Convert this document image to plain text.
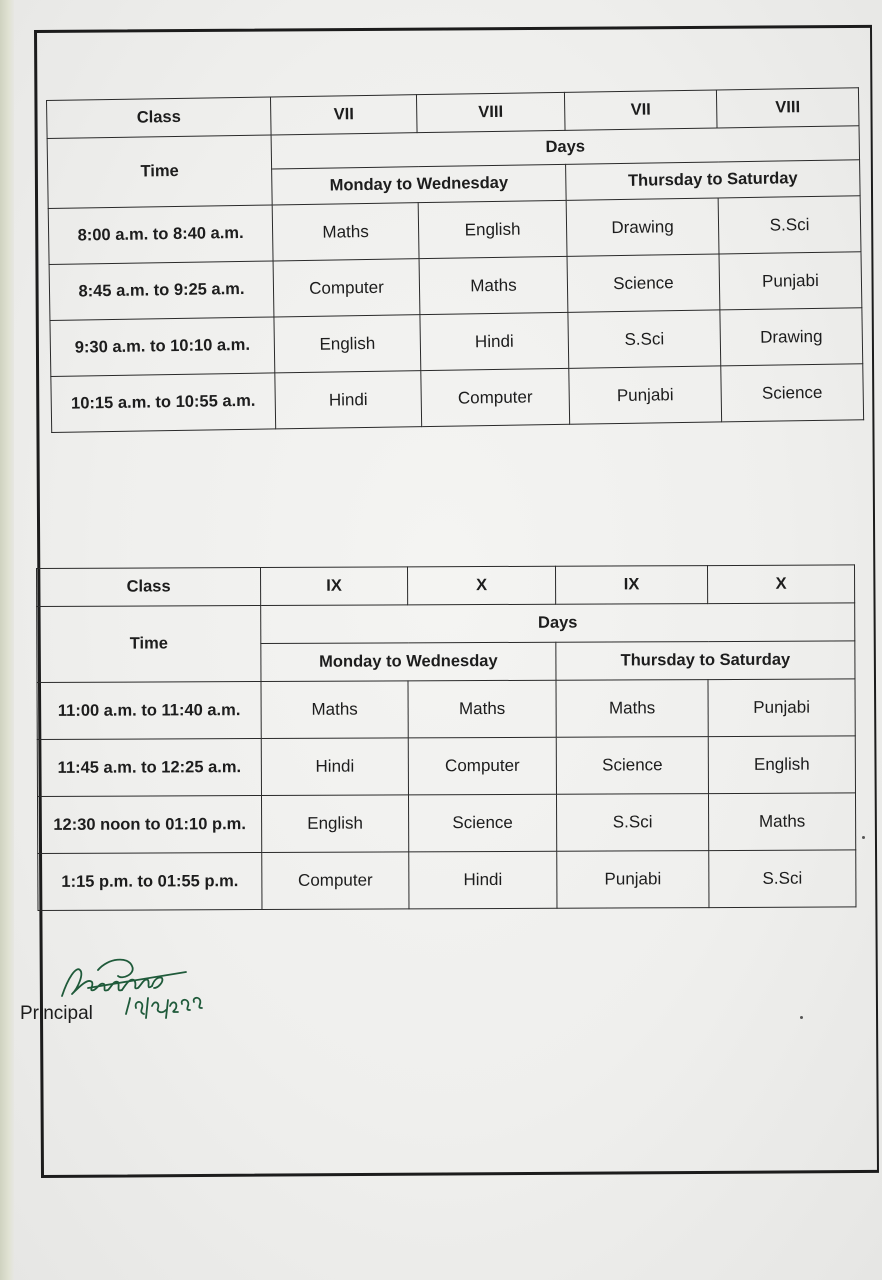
Class	VII	VIII	VII	VIII
Time	Days			
	Monday to Wednesday		Thursday to Saturday	
8:00 a.m. to 8:40 a.m.	Maths	English	Drawing	S.Sci
8:45 a.m. to 9:25 a.m.	Computer	Maths	Science	Punjabi
9:30 a.m. to 10:10 a.m.	English	Hindi	S.Sci	Drawing
10:15 a.m. to 10:55 a.m.	Hindi	Computer	Punjabi	Science
Class	IX	X	IX	X
Time	Days			
	Monday to Wednesday		Thursday to Saturday	
11:00 a.m. to 11:40 a.m.	Maths	Maths	Maths	Punjabi
11:45 a.m. to 12:25 a.m.	Hindi	Computer	Science	English
12:30 noon to 01:10 p.m.	English	Science	S.Sci	Maths
1:15 p.m. to 01:55 p.m.	Computer	Hindi	Punjabi	S.Sci
Principal
